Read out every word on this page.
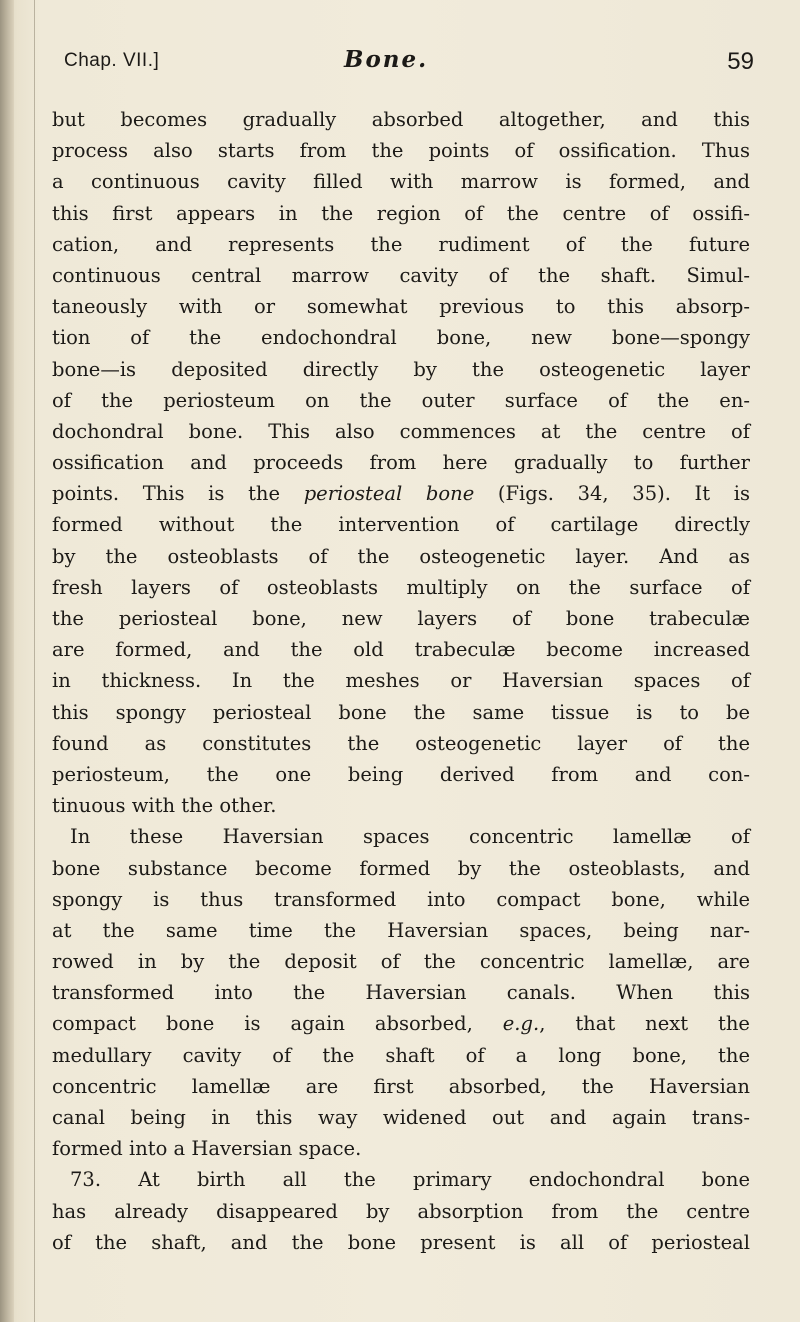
Chap. VII.]	Bone.	59
but becomes gradually absorbed altogether, and this
process also starts from the points of ossification. Thus
a continuous cavity filled with marrow is formed, and
this first appears in the region of the centre of ossifi-
cation, and represents the rudiment of the future
continuous central marrow cavity of the shaft. Simul-
taneously with or somewhat previous to this absorp-
tion of the endochondral bone, new bone—spongy
bone—is deposited directly by the osteogenetic layer
of the periosteum on the outer surface of the en-
dochondral bone. This also commences at the centre of
ossification and proceeds from here gradually to further
points. This is the periosteal bone (Figs. 34, 35). It is
formed without the intervention of cartilage directly
by the osteoblasts of the osteogenetic layer. And as
fresh layers of osteoblasts multiply on the surface of
the periosteal bone, new layers of bone trabeculæ
are formed, and the old trabeculæ become increased
in thickness. In the meshes or Haversian spaces of
this spongy periosteal bone the same tissue is to be
found as constitutes the osteogenetic layer of the
periosteum, the one being derived from and con-
tinuous with the other.
In these Haversian spaces concentric lamellæ of
bone substance become formed by the osteoblasts, and
spongy is thus transformed into compact bone, while
at the same time the Haversian spaces, being nar-
rowed in by the deposit of the concentric lamellæ, are
transformed into the Haversian canals. When this
compact bone is again absorbed, e.g., that next the
medullary cavity of the shaft of a long bone, the
concentric lamellæ are first absorbed, the Haversian
canal being in this way widened out and again trans-
formed into a Haversian space.
73. At birth all the primary endochondral bone
has already disappeared by absorption from the centre
of the shaft, and the bone present is all of periosteal
